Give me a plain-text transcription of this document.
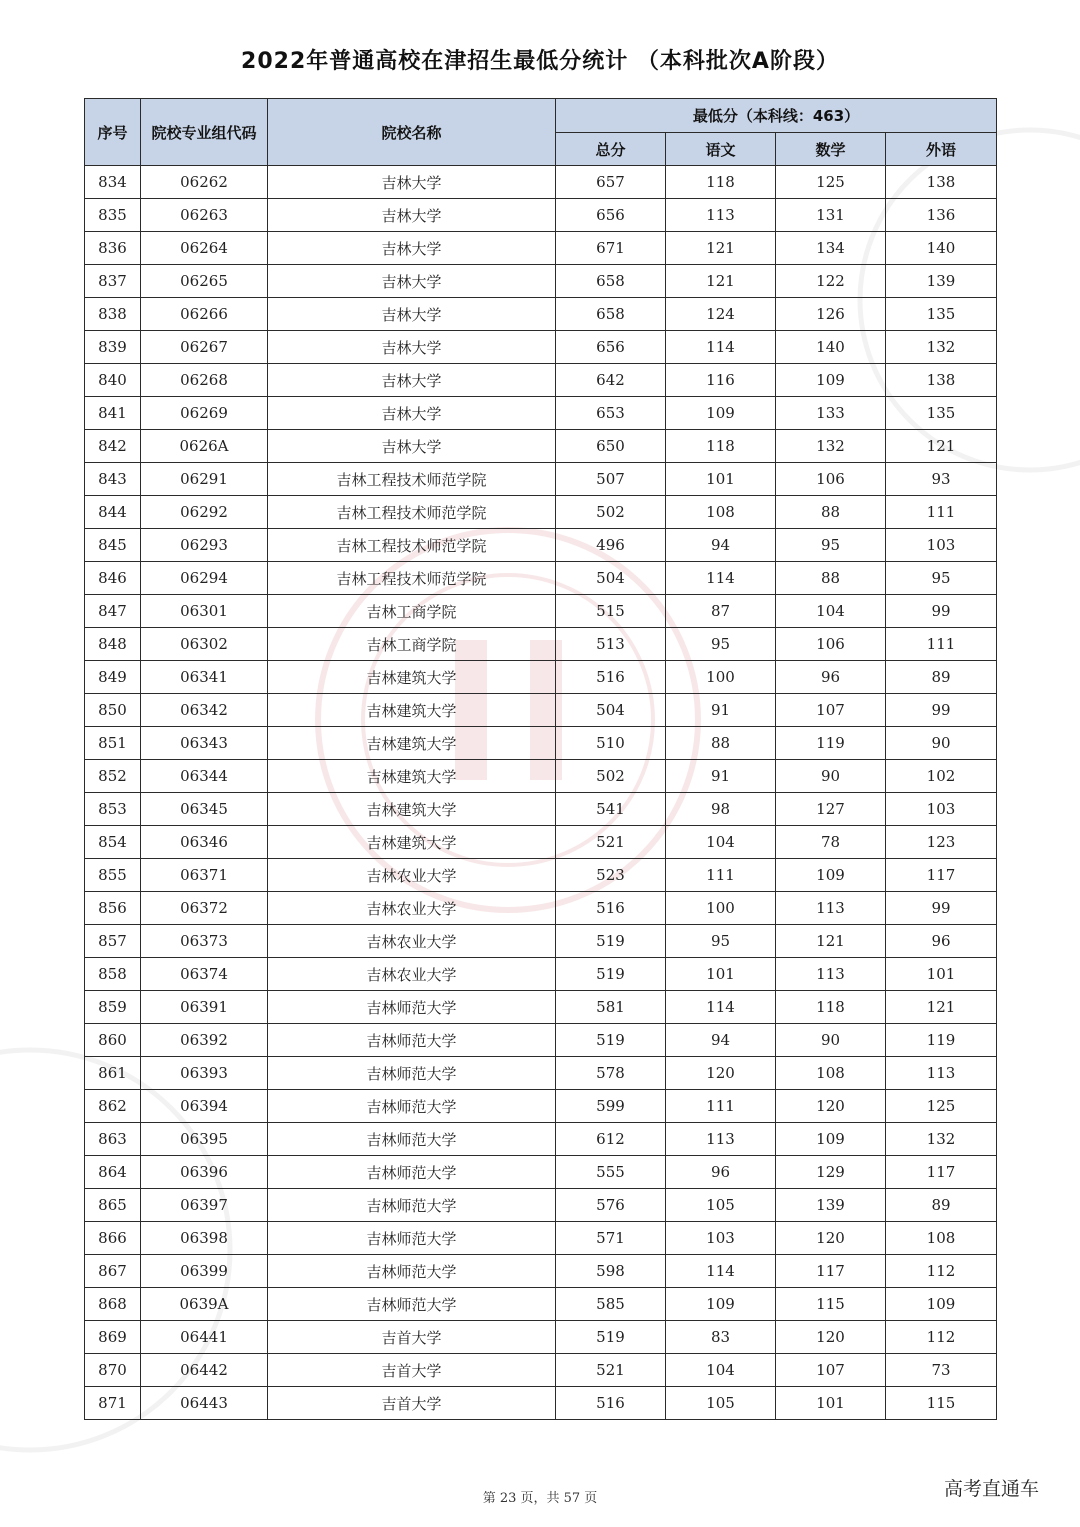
2022年普通高校在津招生最低分统计 （本科批次A阶段）
序号	院校专业组代码	院校名称	最低分（本科线：463）			
			总分	语文	数学	外语
834	06262	吉林大学	657	118	125	138
835	06263	吉林大学	656	113	131	136
836	06264	吉林大学	671	121	134	140
837	06265	吉林大学	658	121	122	139
838	06266	吉林大学	658	124	126	135
839	06267	吉林大学	656	114	140	132
840	06268	吉林大学	642	116	109	138
841	06269	吉林大学	653	109	133	135
842	0626A	吉林大学	650	118	132	121
843	06291	吉林工程技术师范学院	507	101	106	93
844	06292	吉林工程技术师范学院	502	108	88	111
845	06293	吉林工程技术师范学院	496	94	95	103
846	06294	吉林工程技术师范学院	504	114	88	95
847	06301	吉林工商学院	515	87	104	99
848	06302	吉林工商学院	513	95	106	111
849	06341	吉林建筑大学	516	100	96	89
850	06342	吉林建筑大学	504	91	107	99
851	06343	吉林建筑大学	510	88	119	90
852	06344	吉林建筑大学	502	91	90	102
853	06345	吉林建筑大学	541	98	127	103
854	06346	吉林建筑大学	521	104	78	123
855	06371	吉林农业大学	523	111	109	117
856	06372	吉林农业大学	516	100	113	99
857	06373	吉林农业大学	519	95	121	96
858	06374	吉林农业大学	519	101	113	101
859	06391	吉林师范大学	581	114	118	121
860	06392	吉林师范大学	519	94	90	119
861	06393	吉林师范大学	578	120	108	113
862	06394	吉林师范大学	599	111	120	125
863	06395	吉林师范大学	612	113	109	132
864	06396	吉林师范大学	555	96	129	117
865	06397	吉林师范大学	576	105	139	89
866	06398	吉林师范大学	571	103	120	108
867	06399	吉林师范大学	598	114	117	112
868	0639A	吉林师范大学	585	109	115	109
869	06441	吉首大学	519	83	120	112
870	06442	吉首大学	521	104	107	73
871	06443	吉首大学	516	105	101	115
第 23 页，共 57 页	高考直通车
